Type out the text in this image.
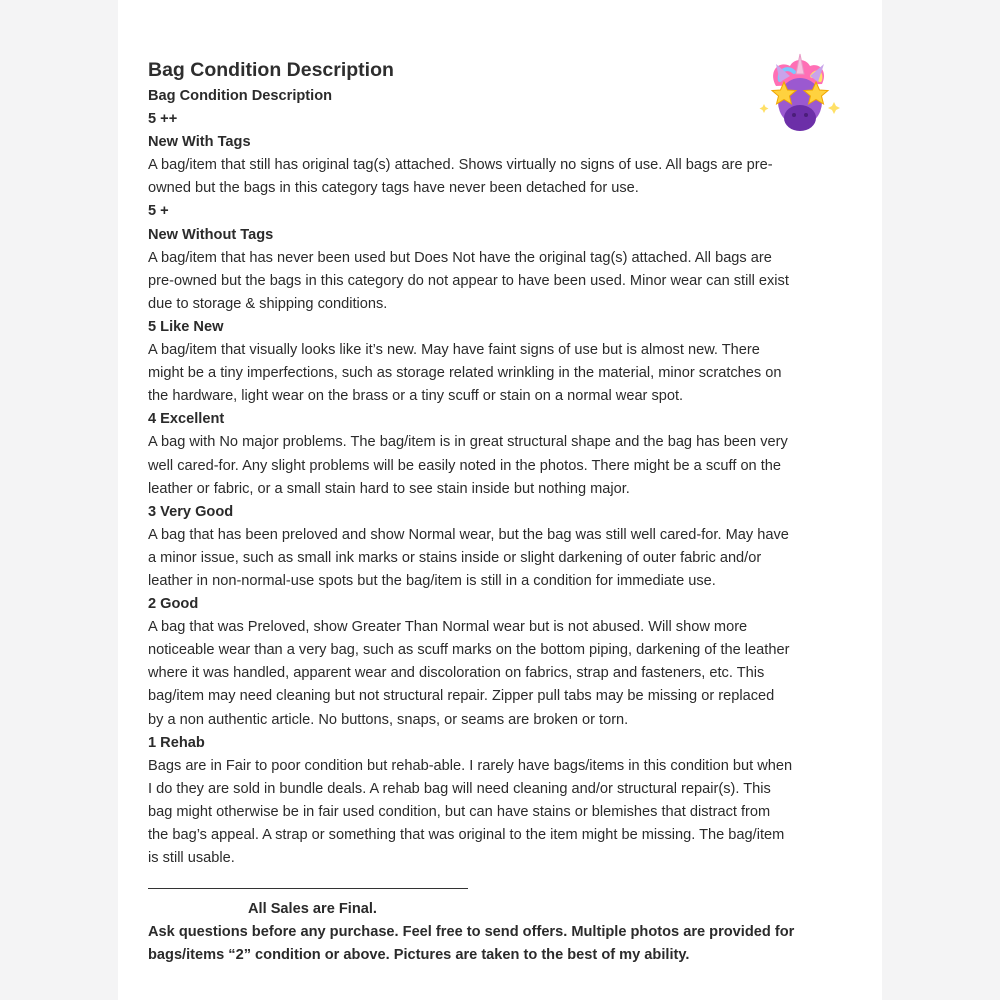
Bag Condition Description
Bag Condition Description
5 ++
New With Tags
A bag/item that still has original tag(s) attached. Shows virtually no signs of use. All bags are pre-
owned but the bags in this category tags have never been detached for use.
5 +
New Without Tags
A bag/item that has never been used but Does Not have the original tag(s) attached. All bags are
pre-owned but the bags in this category do not appear to have been used. Minor wear can still exist
due to storage & shipping conditions.
5 Like New
A bag/item that visually looks like it’s new. May have faint signs of use but is almost new. There
might be a tiny imperfections, such as storage related wrinkling in the material, minor scratches on
the hardware, light wear on the brass or a tiny scuff or stain on a normal wear spot.
4 Excellent
A bag with No major problems. The bag/item is in great structural shape and the bag has been very
well cared-for. Any slight problems will be easily noted in the photos. There might be a scuff on the
leather or fabric, or a small stain hard to see stain inside but nothing major.
3 Very Good
A bag that has been preloved and show Normal wear, but the bag was still well cared-for. May have
a minor issue, such as small ink marks or stains inside or slight darkening of outer fabric and/or
leather in non-normal-use spots but the bag/item is still in a condition for immediate use.
2 Good
A bag that was Preloved, show Greater Than Normal wear but is not abused. Will show more
noticeable wear than a very bag, such as scuff marks on the bottom piping, darkening of the leather
where it was handled, apparent wear and discoloration on fabrics, strap and fasteners, etc. This
bag/item may need cleaning but not structural repair. Zipper pull tabs may be missing or replaced
by a non authentic article. No buttons, snaps, or seams are broken or torn.
1 Rehab
Bags are in Fair to poor condition but rehab-able. I rarely have bags/items in this condition but when
I do they are sold in bundle deals. A rehab bag will need cleaning and/or structural repair(s). This
bag might otherwise be in fair used condition, but can have stains or blemishes that distract from
the bag’s appeal. A strap or something that was original to the item might be missing. The bag/item
is still usable.
All Sales are Final.
Ask questions before any purchase. Feel free to send offers. Multiple photos are provided for
bags/items “2” condition or above. Pictures are taken to the best of my ability.
